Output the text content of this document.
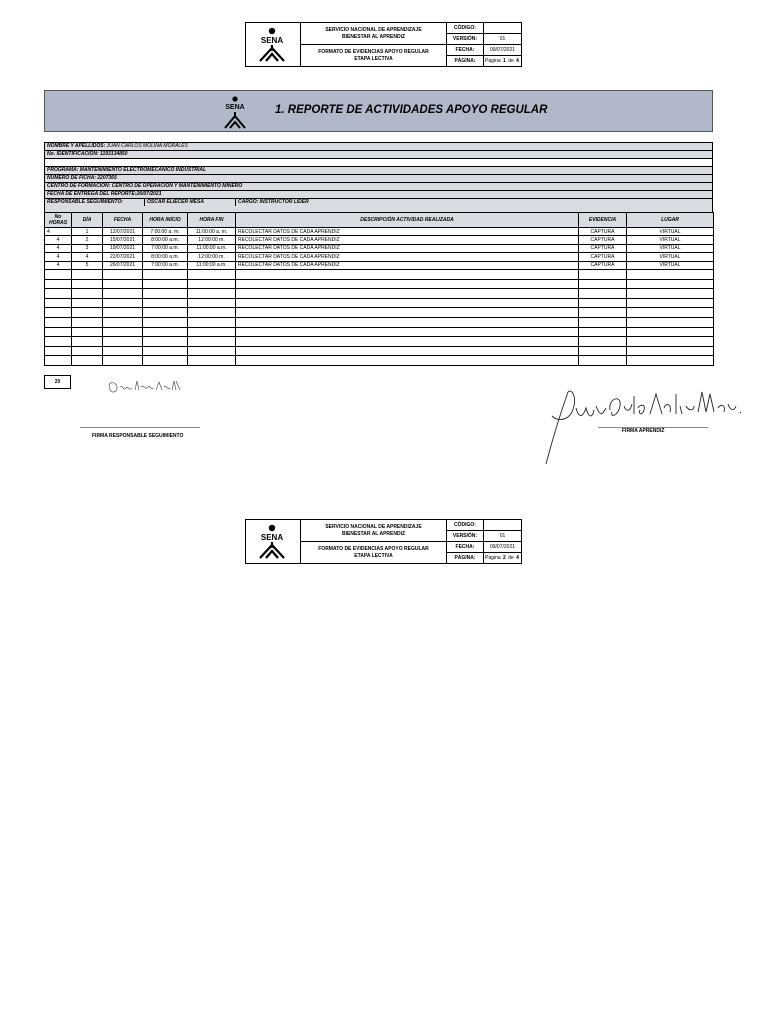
SENA
SERVICIO NACIONAL DE APRENDIZAJE
BIENESTAR AL APRENDIZ
FORMATO DE EVIDENCIAS APOYO REGULAR
ETAPA LECTIVA
CÓDIGO:
VERSIÓN:	01
FECHA:	09/07/2021
PÁGINA:	Página
1
de
4
SENA	1. REPORTE DE ACTIVIDADES APOYO REGULAR
NOMBRE Y APELLIDOS: JUAN CARLOS MOLINA MORALES
No. IDENTIFICACIÓN: 1193134850
PROGRAMA: MANTENIMIENTO ELECTROMECANICO INDUSTRIAL
NUMERO DE FICHA: 2207365
CENTRO DE FORMACIÓN: CENTRO DE OPERACIÓN Y MANTENIMIENTO MINERO
FECHA DE ENTREGA DEL REPORTE:26/07/2021
RESPONSABLE SEGUIMIENTO:	OSCAR ELIECER MESA	CARGO: INSTRUCTOR LIDER
No HORAS	DÍA	FECHA	HORA INICIO	HORA FIN	DESCRIPCIÓN ACTIVIDAD REALIZADA	EVIDENCIA	LUGAR
4	1	12/07/2021	7:00:00 a. m.	11:00:00 a. m.	RECOLECTAR DATOS DE CADA APRENDIZ	CAPTURA	VIRTUAL
4	2	15/07/2021	8:00:00 a.m.	12:00:00 m.	RECOLECTAR DATOS DE CADA APRENDIZ	CAPTURA	VIRTUAL
4	3	19/07/2021	7:00:00 a.m.	11:00:00 a.m.	RECOLECTAR DATOS DE CADA APRENDIZ	CAPTURA	VIRTUAL
4	4	22/07/2021	8:00:00 a.m.	12:00:00 m.	RECOLECTAR DATOS DE CADA APRENDIZ	CAPTURA	VIRTUAL
4	5	26/07/2021	7:00:00 a.m.	11:00:00 a.m.	RECOLECTAR DATOS DE CADA APRENDIZ	CAPTURA	VIRTUAL

20
FIRMA RESPONSABLE SEGUIMIENTO
FIRMA APRENDIZ
SENA
SERVICIO NACIONAL DE APRENDIZAJE
BIENESTAR AL APRENDIZ
FORMATO DE EVIDENCIAS APOYO REGULAR
ETAPA LECTIVA
CÓDIGO:
VERSIÓN:	01
FECHA:	09/07/2021
PÁGINA:	Página
2
de
4
